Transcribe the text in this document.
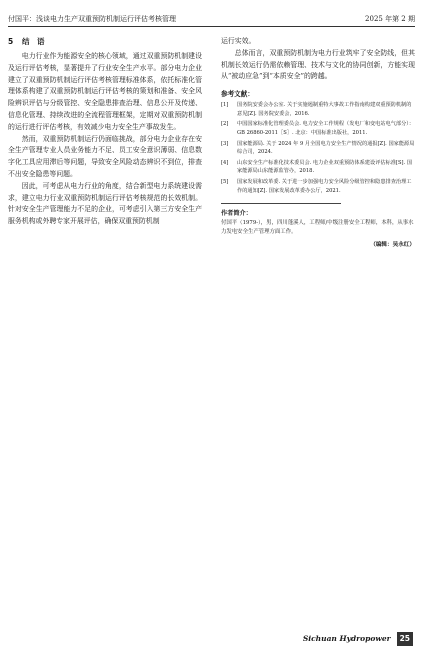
付国平：浅谈电力生产双重预防机制运行评估考核管理	2025 年第 2 期
5 结　语

电力行业作为能源安全的核心领域，通过双重预防机制建设及运行评估考核，显著提升了行业安全生产水平。部分电力企业建立了双重预防机制运行评估考核管理标准体系，依托标准化管理体系构建了双重预防机制运行评估考核的策划和准备、安全风险辨识评估与分级管控、安全隐患排查治理、信息公开及传递、信息化管理、持续改进的全流程管理框架，定期对双重预防机制的运行进行评估考核，有效减少电力安全生产事故发生。

然而，双重预防机制运行仍面临挑战，部分电力企业存在安全生产管理专业人员业务能力不足、员工安全意识薄弱、信息数字化工具应用滞后等问题，导致安全风险动态辨识不到位，排查不出安全隐患等问题。

因此，可考虑从电力行业的角度，结合新型电力系统建设需求，建立电力行业双重预防机制运行评估考核规范的长效机制。针对安全生产管理能力不足的企业，可考虑引入第三方安全生产服务机构或外聘专家开展评估，确保双重预防机制

运行实效。

总体而言，双重预防机制为电力行业筑牢了安全防线，但其机制长效运行仍需依赖管理、技术与文化的协同创新，方能实现从“被动应急”到“本质安全”的跨越。

参考文献：
[1] 国务院安委会办公室. 关于实施遏制重特大事故工作指南构建双重预防机制的意见[Z]. 国务院安委会，2016.
[2] 中国国家标准化管理委员会. 电力安全工作规程（发电厂和变电站电气部分）：GB 26860-2011［S］. 北京：中国标准出版社，2011.
[3] 国家能源局. 关于 2024 年 9 月全国电力安全生产情况的通报[Z]. 国家能源局综合司，2024.
[4] 山东安全生产标准化技术委员会. 电力企业双重预防体系建设评估标准[S]. 国家能源局山东能源监管办，2018.
[5] 国家发展和改革委. 关于进一步加强电力安全风险分级管控和隐患排查治理工作的通知[Z]. 国家发展改革委办公厅，2021.
作者简介：

付国平（1979-），男，四川蓬溪人，工程师/中级注册安全工程师，本科，从事水力发电安全生产管理方面工作。

（编辑：吴永红）
Sichuan Hydropower 25
